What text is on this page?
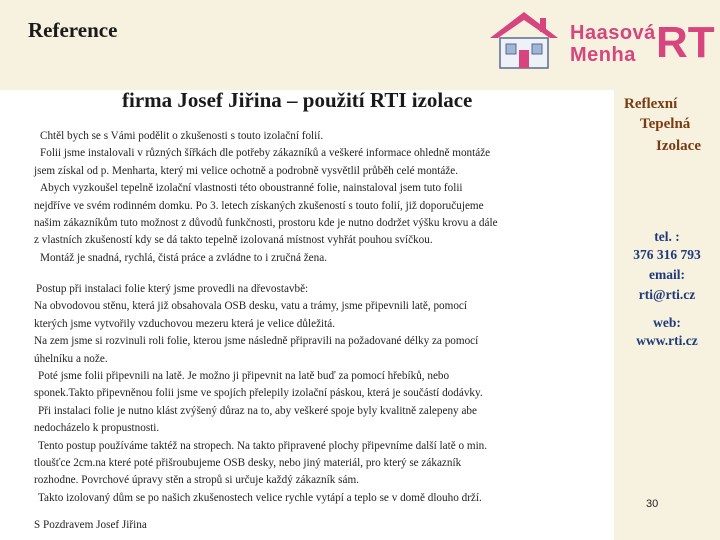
Reference	Haasová
Menha RT
firma Josef Jiřina – použití RTI izolace
Chtěl bych se s Vámi podělit o zkušenosti s touto izolační folií.
Folii jsme instalovali v různých šířkách dle potřeby zákazníků a veškeré informace ohledně montáže
jsem získal od p. Menharta, který mi velice ochotně a podrobně vysvětlil průběh celé montáže.
Abych vyzkoušel tepelně izolační vlastnosti této oboustranné folie, nainstaloval jsem tuto folii
nejdříve ve svém rodinném domku. Po 3. letech získaných zkušeností s touto folií, již doporučujeme
našim zákazníkům tuto možnost z důvodů funkčnosti, prostoru kde je nutno dodržet výšku krovu a dále
z vlastních zkušeností kdy se dá takto tepelně izolovaná místnost vyhřát pouhou svíčkou.
Montáž je snadná, rychlá, čistá práce a zvládne to i zručná žena.
Postup při instalaci folie který jsme provedli na dřevostavbě:
Na obvodovou stěnu, která již obsahovala OSB desku, vatu a trámy, jsme připevnili latě, pomocí
kterých jsme vytvořily vzduchovou mezeru která je velice důležitá.
Na zem jsme si rozvinuli roli folie, kterou jsme následně připravili na požadované délky za pomocí
úhelníku a nože.
Poté jsme folii připevnili na latě. Je možno ji připevnit na latě buď za pomocí hřebíků, nebo
sponek.Takto připevněnou folii jsme ve spojích přelepily izolační páskou, která je součástí dodávky.
Při instalaci folie je nutno klást zvýšený důraz na to, aby veškeré spoje byly kvalitně zalepeny abe
nedocházelo k propustnosti.
Tento postup používáme taktéž na stropech. Na takto připravené plochy připevníme další latě o min.
tloušťce 2cm.na které poté přišroubujeme OSB desky, nebo jiný materiál, pro který se zákazník
rozhodne. Povrchové úpravy stěn a stropů si určuje každý zákazník sám.
Takto izolovaný dům se po našich zkušenostech velice rychle vytápí a teplo se v domě dlouho drží.
S Pozdravem Josef Jiřina
Reflexní
Tepelná
Izolace
tel. :
376 316 793
email:
rti@rti.cz
web:
www.rti.cz
30
